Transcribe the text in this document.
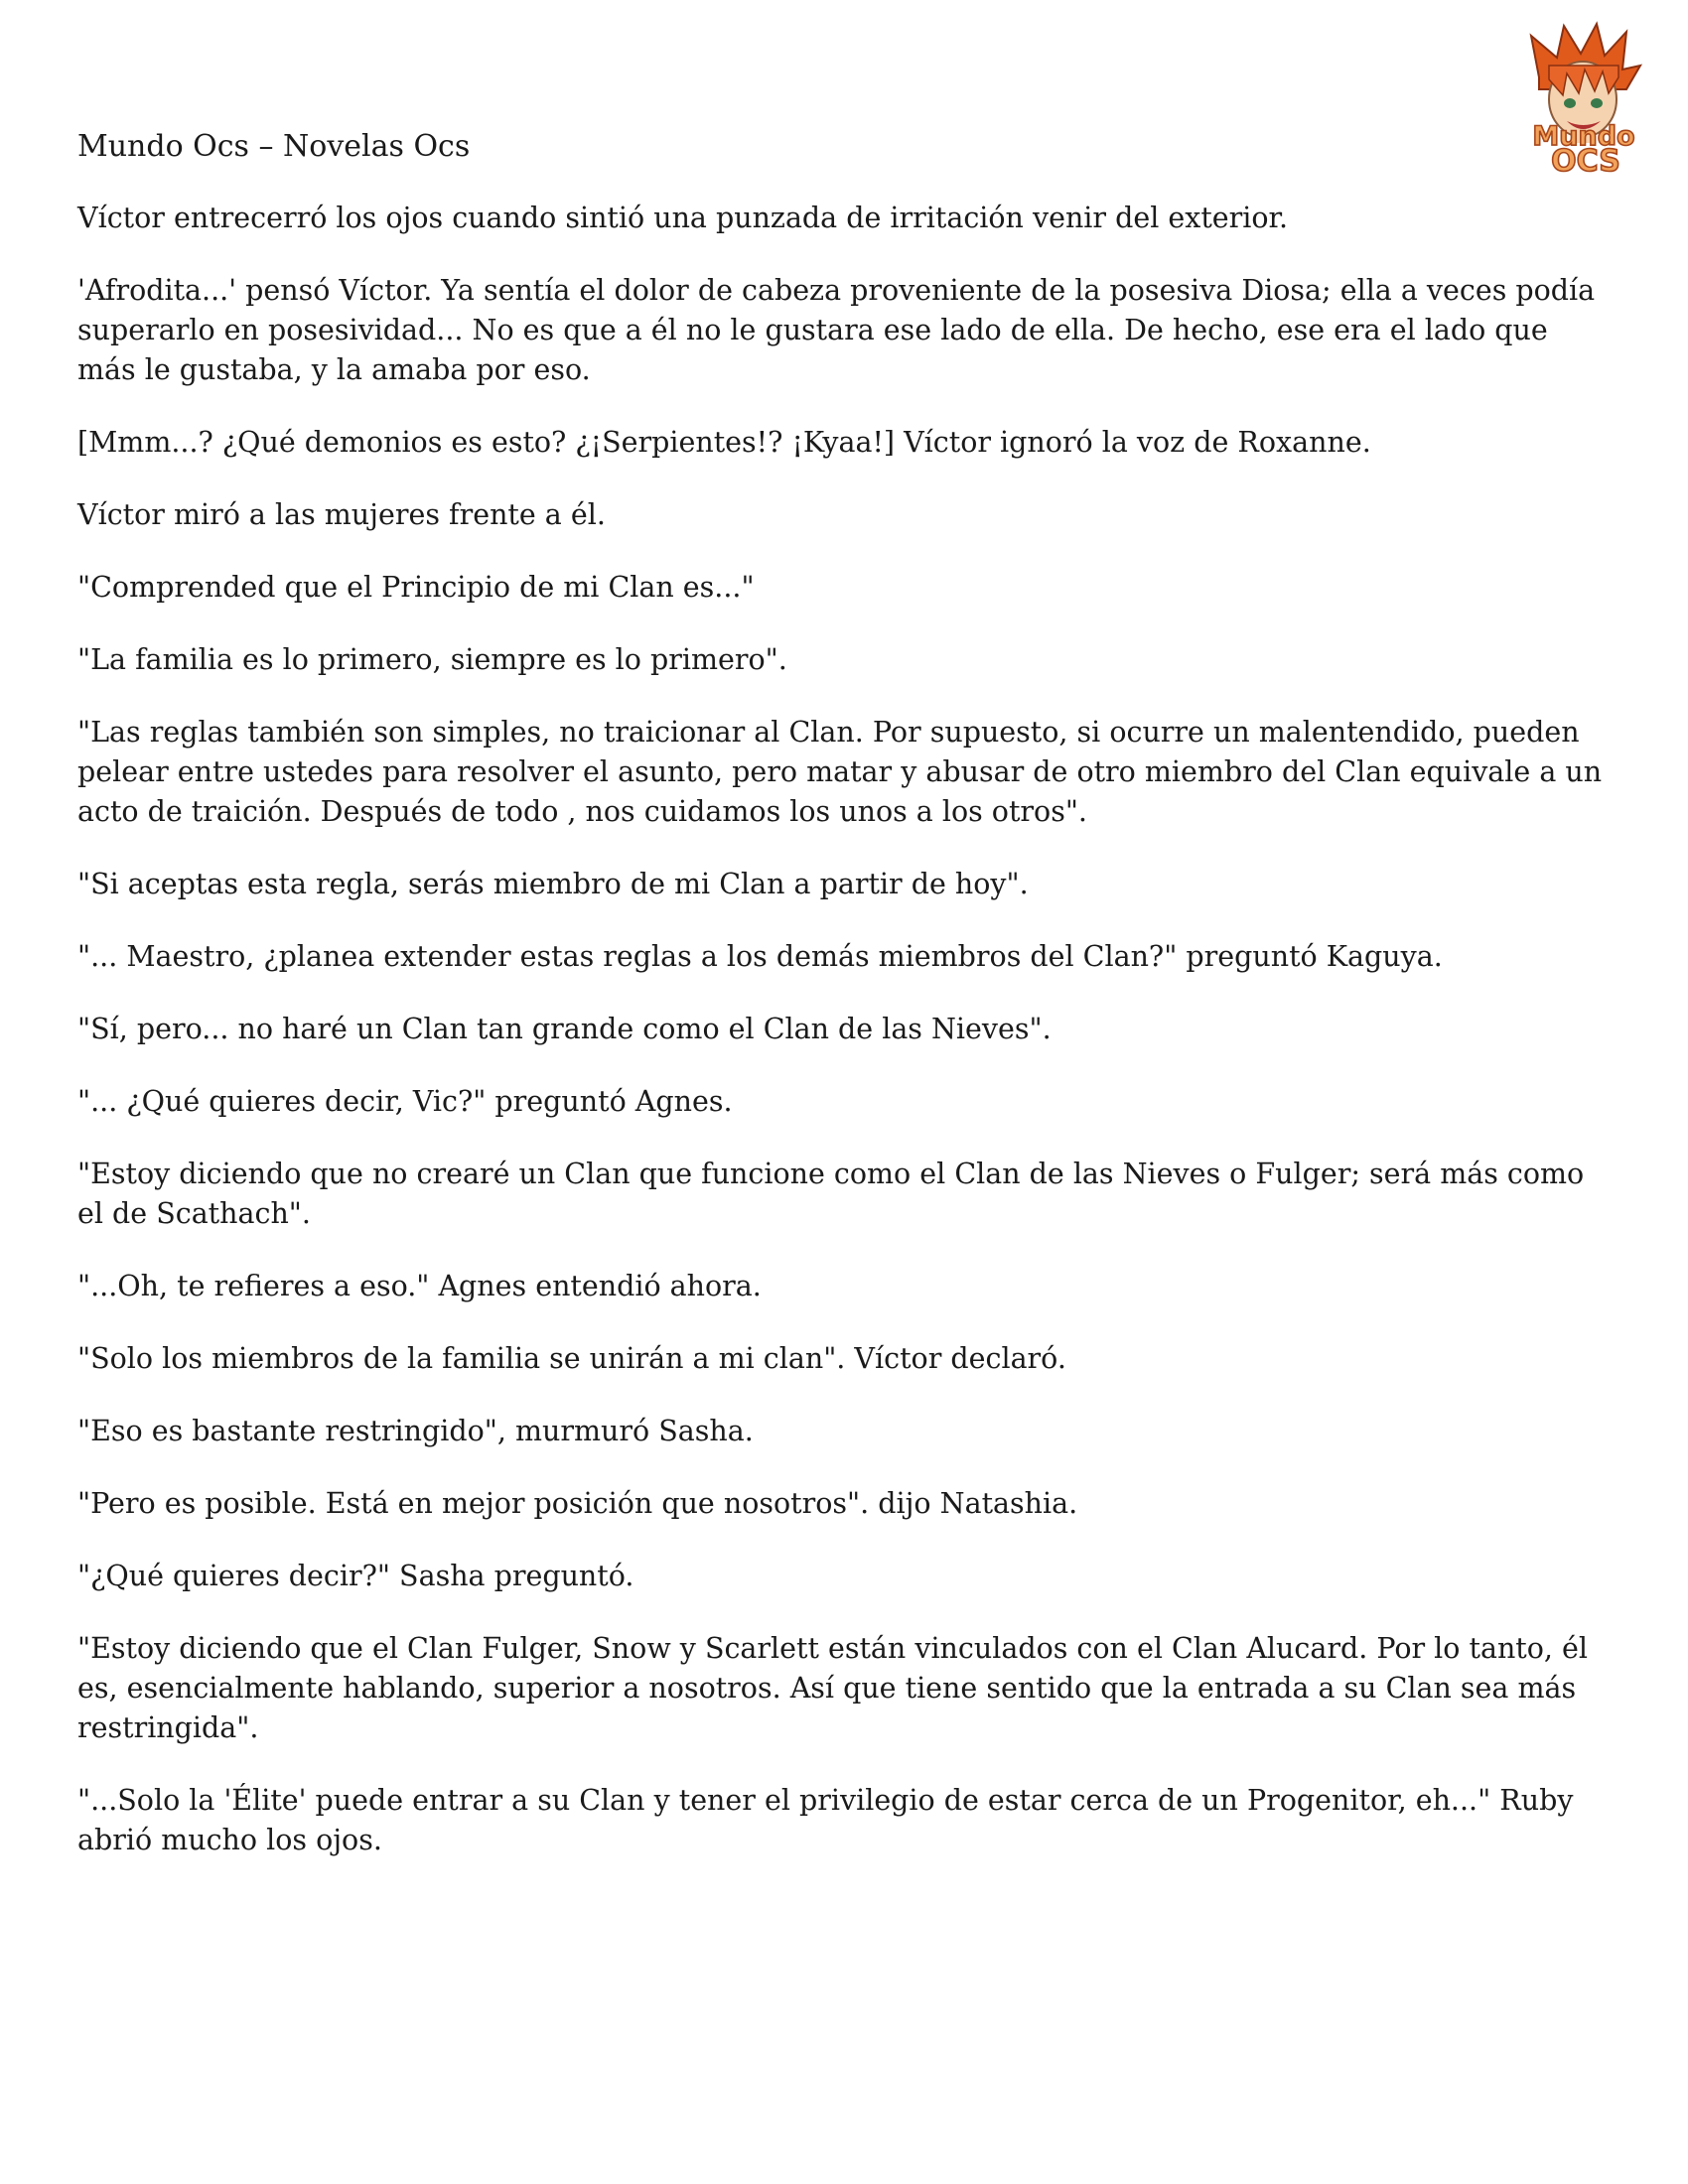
Mundo
OCS
Mundo Ocs – Novelas Ocs

Víctor entrecerró los ojos cuando sintió una punzada de irritación venir del exterior.

'Afrodita...' pensó Víctor. Ya sentía el dolor de cabeza proveniente de la posesiva Diosa; ella a veces podía superarlo en posesividad... No es que a él no le gustara ese lado de ella. De hecho, ese era el lado que más le gustaba, y la amaba por eso.

[Mmm...? ¿Qué demonios es esto? ¿¡Serpientes!? ¡Kyaa!] Víctor ignoró la voz de Roxanne.

Víctor miró a las mujeres frente a él.

"Comprended que el Principio de mi Clan es..."

"La familia es lo primero, siempre es lo primero".

"Las reglas también son simples, no traicionar al Clan. Por supuesto, si ocurre un malentendido, pueden pelear entre ustedes para resolver el asunto, pero matar y abusar de otro miembro del Clan equivale a un acto de traición. Después de todo , nos cuidamos los unos a los otros".

"Si aceptas esta regla, serás miembro de mi Clan a partir de hoy".

"... Maestro, ¿planea extender estas reglas a los demás miembros del Clan?" preguntó Kaguya.

"Sí, pero... no haré un Clan tan grande como el Clan de las Nieves".

"... ¿Qué quieres decir, Vic?" preguntó Agnes.

"Estoy diciendo que no crearé un Clan que funcione como el Clan de las Nieves o Fulger; será más como el de Scathach".

"...Oh, te refieres a eso." Agnes entendió ahora.

"Solo los miembros de la familia se unirán a mi clan". Víctor declaró.

"Eso es bastante restringido", murmuró Sasha.

"Pero es posible. Está en mejor posición que nosotros". dijo Natashia.

"¿Qué quieres decir?" Sasha preguntó.

"Estoy diciendo que el Clan Fulger, Snow y Scarlett están vinculados con el Clan Alucard. Por lo tanto, él es, esencialmente hablando, superior a nosotros. Así que tiene sentido que la entrada a su Clan sea más restringida".

"...Solo la 'Élite' puede entrar a su Clan y tener el privilegio de estar cerca de un Progenitor, eh..." Ruby abrió mucho los ojos.
